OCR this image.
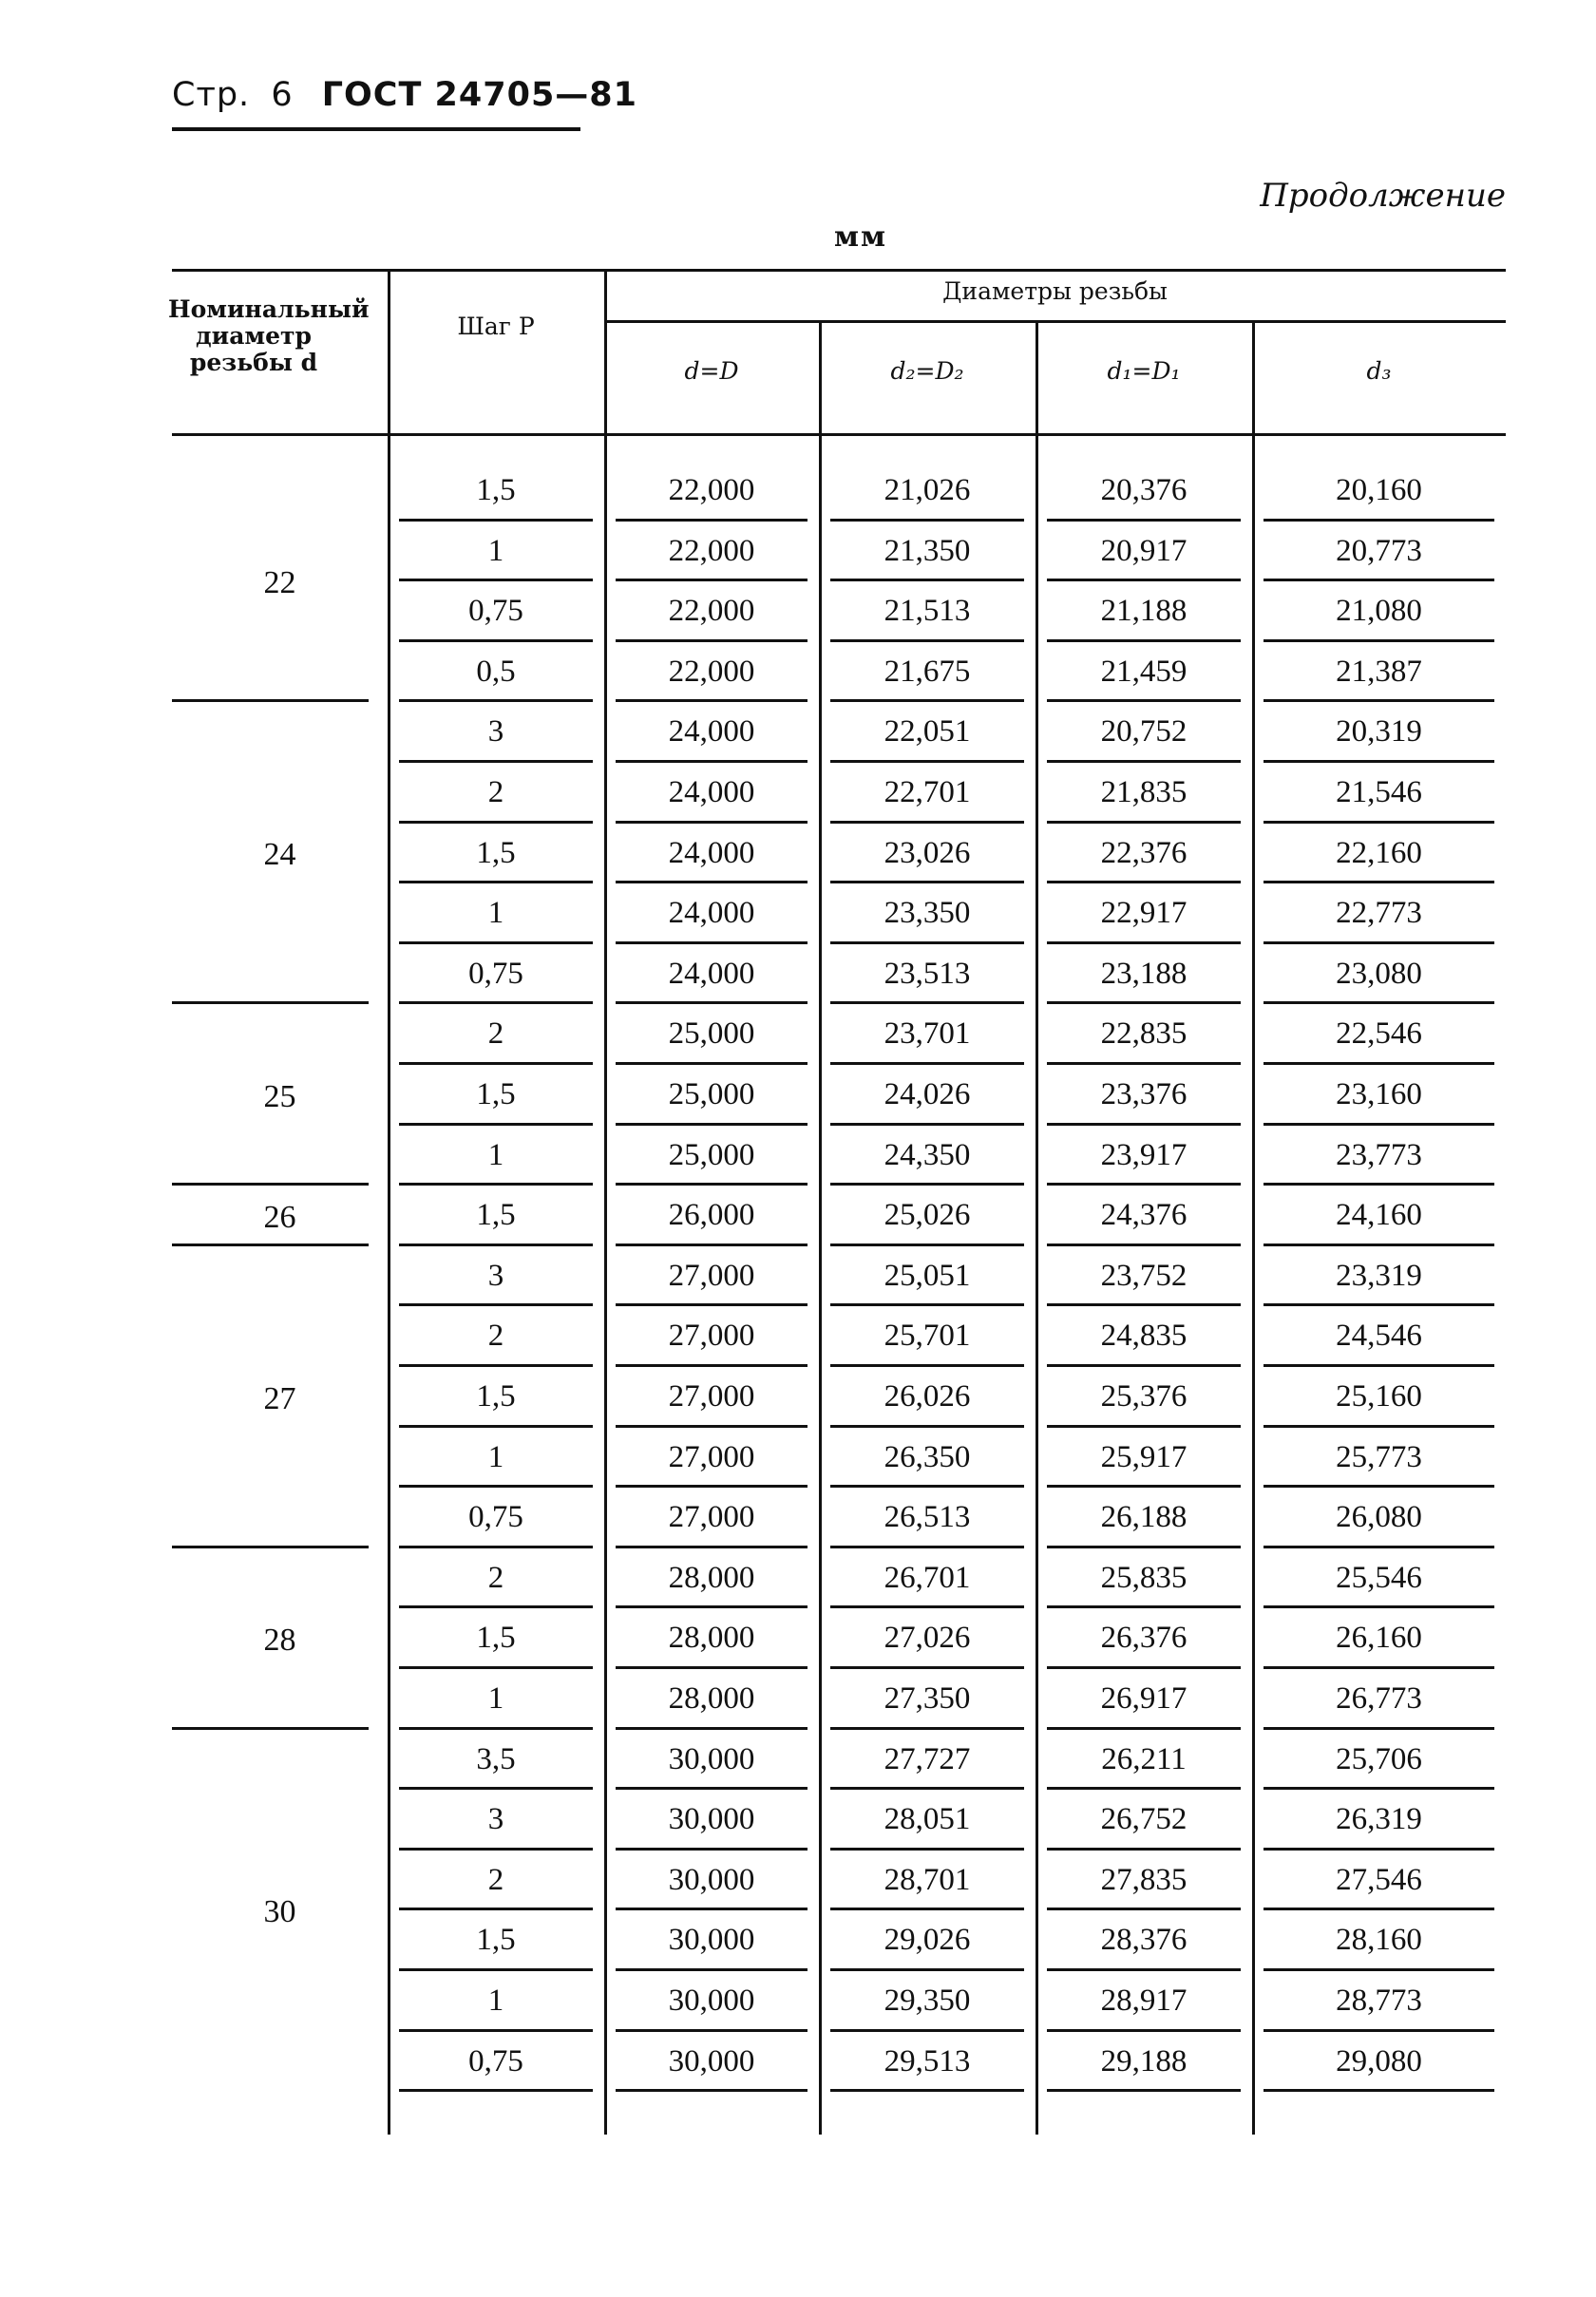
Стр. 6 ГОСТ 24705—81
Продолжение
мм
Номинальный диаметр резьбы d
Шаг P
Диаметры резьбы
d=D	d₂=D₂	d₁=D₁	d₃
22
1,5	22,000	21,026	20,376	20,160
1	22,000	21,350	20,917	20,773
0,75	22,000	21,513	21,188	21,080
0,5	22,000	21,675	21,459	21,387
24
3	24,000	22,051	20,752	20,319
2	24,000	22,701	21,835	21,546
1,5	24,000	23,026	22,376	22,160
1	24,000	23,350	22,917	22,773
0,75	24,000	23,513	23,188	23,080
25
2	25,000	23,701	22,835	22,546
1,5	25,000	24,026	23,376	23,160
1	25,000	24,350	23,917	23,773
26	1,5	26,000	25,026	24,376	24,160
27
3	27,000	25,051	23,752	23,319
2	27,000	25,701	24,835	24,546
1,5	27,000	26,026	25,376	25,160
1	27,000	26,350	25,917	25,773
0,75	27,000	26,513	26,188	26,080
28
2	28,000	26,701	25,835	25,546
1,5	28,000	27,026	26,376	26,160
1	28,000	27,350	26,917	26,773
30
3,5	30,000	27,727	26,211	25,706
3	30,000	28,051	26,752	26,319
2	30,000	28,701	27,835	27,546
1,5	30,000	29,026	28,376	28,160
1	30,000	29,350	28,917	28,773
0,75	30,000	29,513	29,188	29,080
